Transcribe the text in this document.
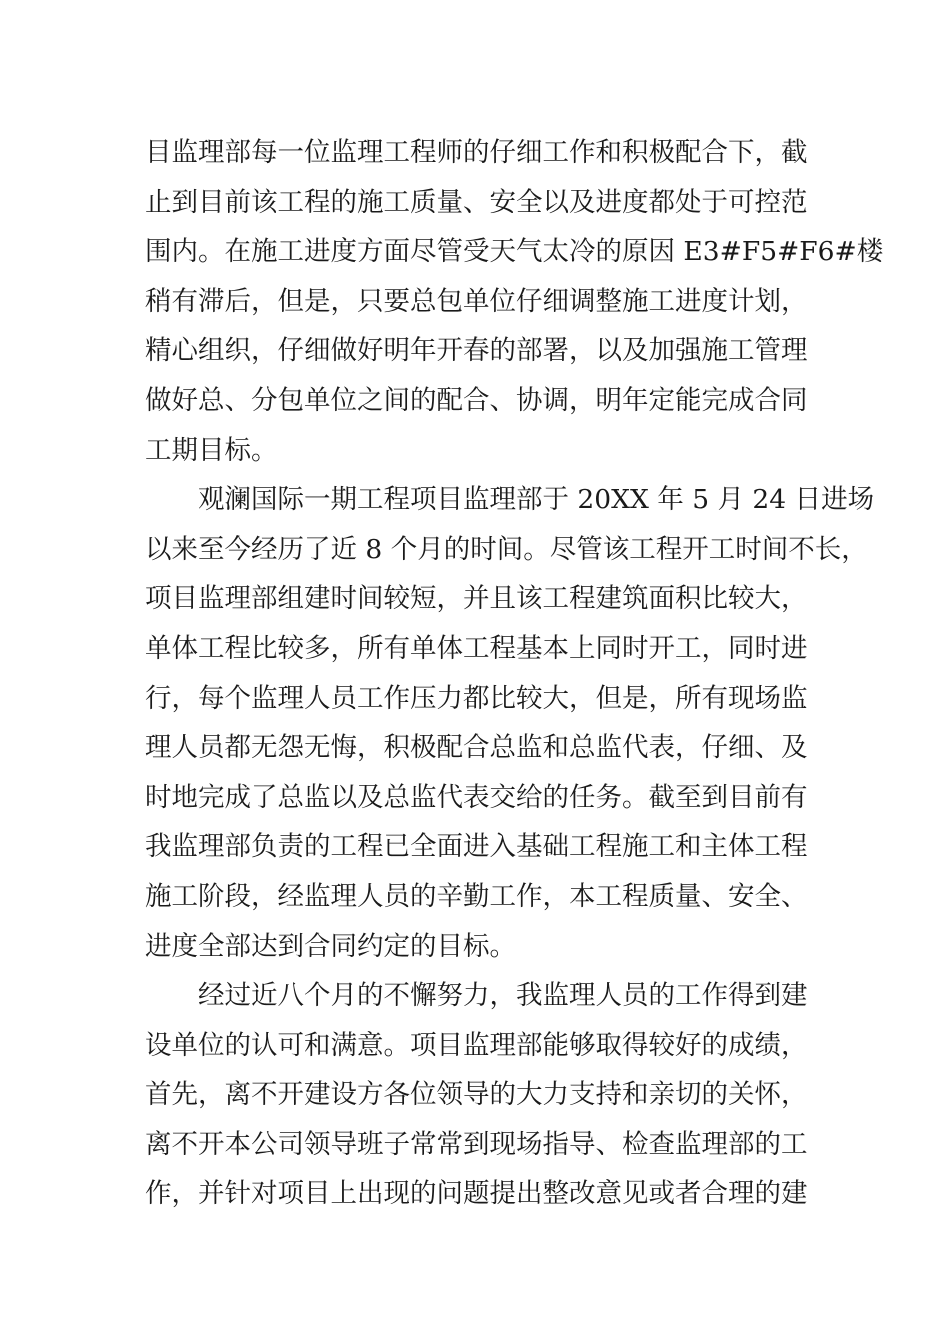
目监理部每一位监理工程师的仔细工作和积极配合下，截
止到目前该工程的施工质量、安全以及进度都处于可控范
围内。在施工进度方面尽管受天气太冷的原因 E3#F5#F6#楼
稍有滞后，但是，只要总包单位仔细调整施工进度计划，
精心组织，仔细做好明年开春的部署，以及加强施工管理
做好总、分包单位之间的配合、协调，明年定能完成合同
工期目标。
观澜国际一期工程项目监理部于 20XX 年 5 月 24 日进场
以来至今经历了近 8 个月的时间。尽管该工程开工时间不长，
项目监理部组建时间较短，并且该工程建筑面积比较大，
单体工程比较多，所有单体工程基本上同时开工，同时进
行，每个监理人员工作压力都比较大，但是，所有现场监
理人员都无怨无悔，积极配合总监和总监代表，仔细、及
时地完成了总监以及总监代表交给的任务。截至到目前有
我监理部负责的工程已全面进入基础工程施工和主体工程
施工阶段，经监理人员的辛勤工作，本工程质量、安全、
进度全部达到合同约定的目标。
经过近八个月的不懈努力，我监理人员的工作得到建
设单位的认可和满意。项目监理部能够取得较好的成绩，
首先，离不开建设方各位领导的大力支持和亲切的关怀，
离不开本公司领导班子常常到现场指导、检查监理部的工
作，并针对项目上出现的问题提出整改意见或者合理的建
